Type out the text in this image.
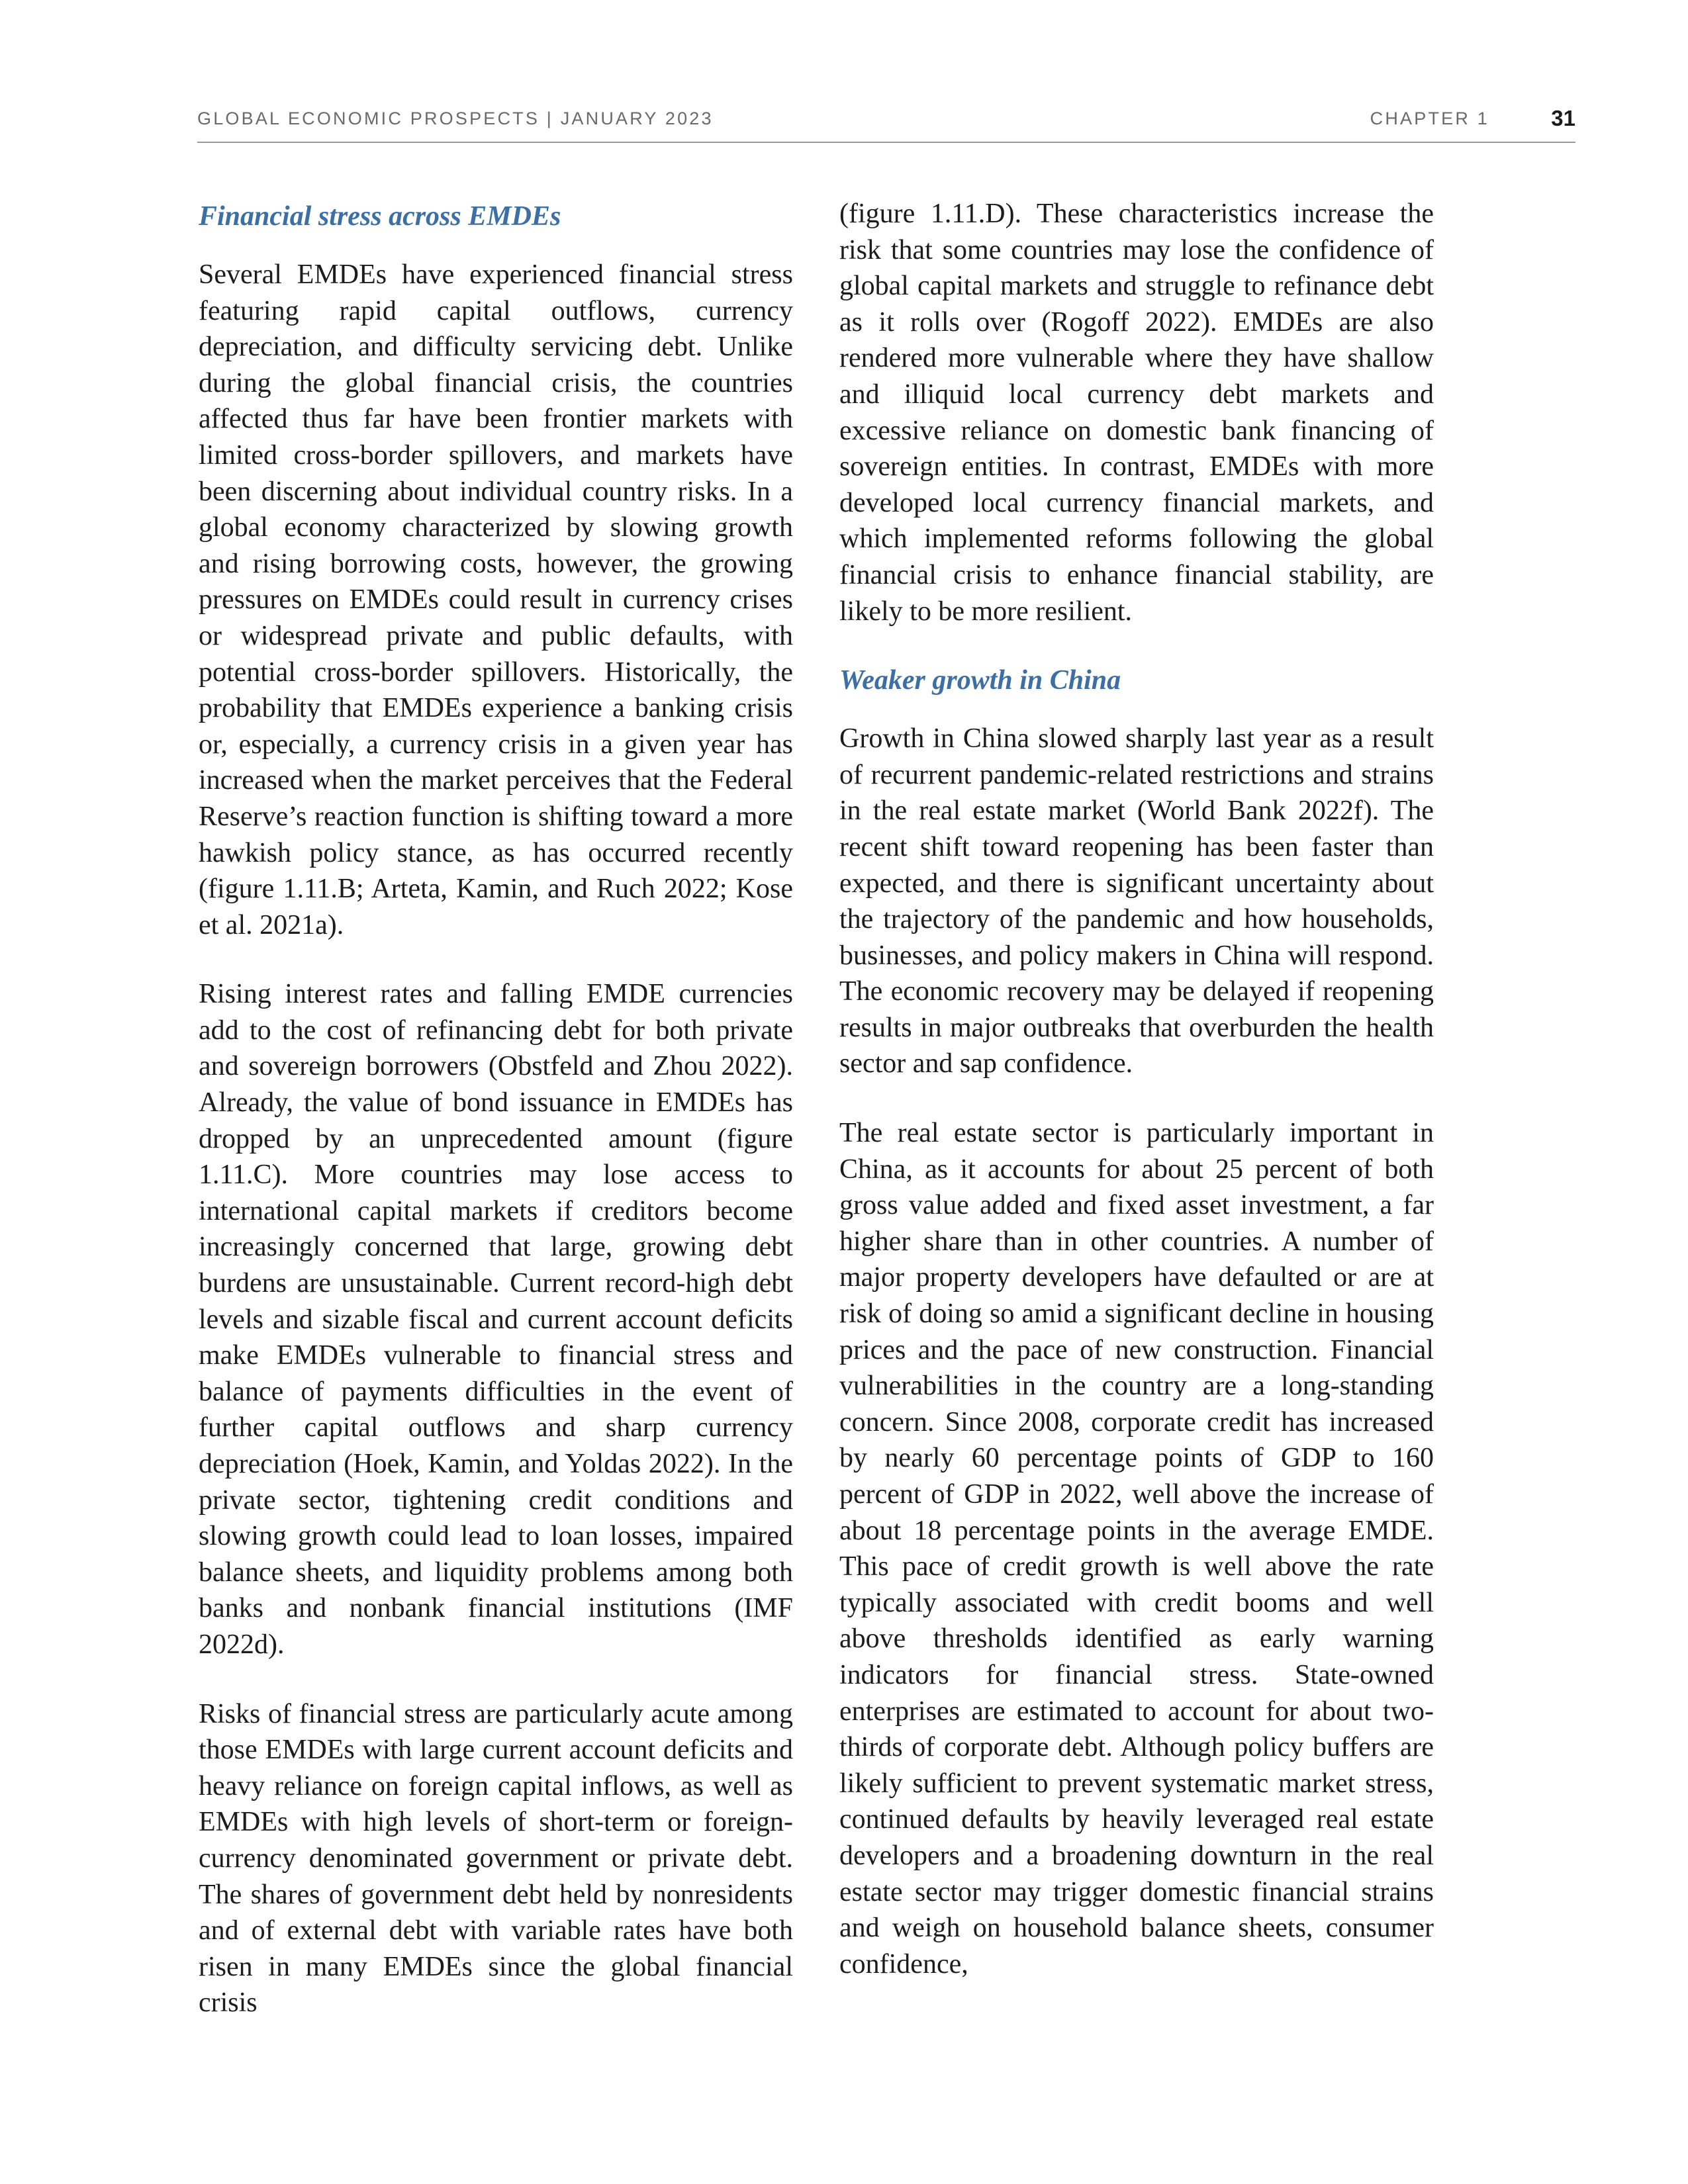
GLOBAL ECONOMIC PROSPECTS | JANUARY 2023	CHAPTER 1	31
Financial stress across EMDEs

Several EMDEs have experienced financial stress featuring rapid capital outflows, currency depreciation, and difficulty servicing debt. Unlike during the global financial crisis, the countries affected thus far have been frontier markets with limited cross-border spillovers, and markets have been discerning about individual country risks. In a global economy characterized by slowing growth and rising borrowing costs, however, the growing pressures on EMDEs could result in currency crises or widespread private and public defaults, with potential cross-border spillovers. Historically, the probability that EMDEs experience a banking crisis or, especially, a currency crisis in a given year has increased when the market perceives that the Federal Reserve’s reaction function is shifting toward a more hawkish policy stance, as has occurred recently (figure 1.11.B; Arteta, Kamin, and Ruch 2022; Kose et al. 2021a).

Rising interest rates and falling EMDE currencies add to the cost of refinancing debt for both private and sovereign borrowers (Obstfeld and Zhou 2022). Already, the value of bond issuance in EMDEs has dropped by an unprecedented amount (figure 1.11.C). More countries may lose access to international capital markets if creditors become increasingly concerned that large, growing debt burdens are unsustainable. Current record-high debt levels and sizable fiscal and current account deficits make EMDEs vulnerable to financial stress and balance of payments difficulties in the event of further capital outflows and sharp currency depreciation (Hoek, Kamin, and Yoldas 2022). In the private sector, tightening credit conditions and slowing growth could lead to loan losses, impaired balance sheets, and liquidity problems among both banks and nonbank financial institutions (IMF 2022d).

Risks of financial stress are particularly acute among those EMDEs with large current account deficits and heavy reliance on foreign capital inflows, as well as EMDEs with high levels of short-term or foreign-currency denominated government or private debt. The shares of government debt held by nonresidents and of external debt with variable rates have both risen in many EMDEs since the global financial crisis

(figure 1.11.D). These characteristics increase the risk that some countries may lose the confidence of global capital markets and struggle to refinance debt as it rolls over (Rogoff 2022). EMDEs are also rendered more vulnerable where they have shallow and illiquid local currency debt markets and excessive reliance on domestic bank financing of sovereign entities. In contrast, EMDEs with more developed local currency financial markets, and which implemented reforms following the global financial crisis to enhance financial stability, are likely to be more resilient.

Weaker growth in China

Growth in China slowed sharply last year as a result of recurrent pandemic-related restrictions and strains in the real estate market (World Bank 2022f). The recent shift toward reopening has been faster than expected, and there is significant uncertainty about the trajectory of the pandemic and how households, businesses, and policy makers in China will respond. The economic recovery may be delayed if reopening results in major outbreaks that overburden the health sector and sap confidence.

The real estate sector is particularly important in China, as it accounts for about 25 percent of both gross value added and fixed asset investment, a far higher share than in other countries. A number of major property developers have defaulted or are at risk of doing so amid a significant decline in housing prices and the pace of new construction. Financial vulnerabilities in the country are a long-standing concern. Since 2008, corporate credit has increased by nearly 60 percentage points of GDP to 160 percent of GDP in 2022, well above the increase of about 18 percentage points in the average EMDE. This pace of credit growth is well above the rate typically associated with credit booms and well above thresholds identified as early warning indicators for financial stress. State-owned enterprises are estimated to account for about two-thirds of corporate debt. Although policy buffers are likely sufficient to prevent systematic market stress, continued defaults by heavily leveraged real estate developers and a broadening downturn in the real estate sector may trigger domestic financial strains and weigh on household balance sheets, consumer confidence,
